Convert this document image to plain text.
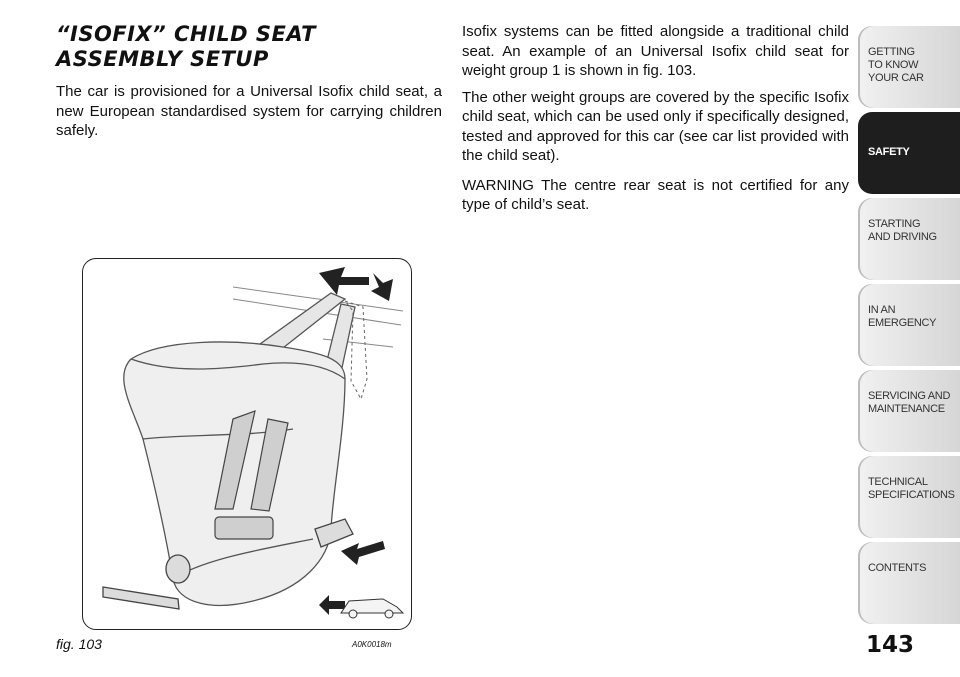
“ISOFIX” CHILD SEAT ASSEMBLY SETUP

The car is provisioned for a Universal Isofix child seat, a new European standardised system for carrying children safely.

Isofix systems can be fitted alongside a traditional child seat. An example of an Universal Isofix child seat for weight group 1 is shown in fig. 103.

The other weight groups are covered by the specific Isofix child seat, which can be used only if specifically designed, tested and approved for this car (see car list provided with the child seat).

WARNING The centre rear seat is not certified for any type of child’s seat.

fig. 103	A0K0018m	143
GETTING
TO KNOW
YOUR CAR
SAFETY
STARTING
AND DRIVING
IN AN
EMERGENCY
SERVICING AND
MAINTENANCE
TECHNICAL
SPECIFICATIONS
CONTENTS
